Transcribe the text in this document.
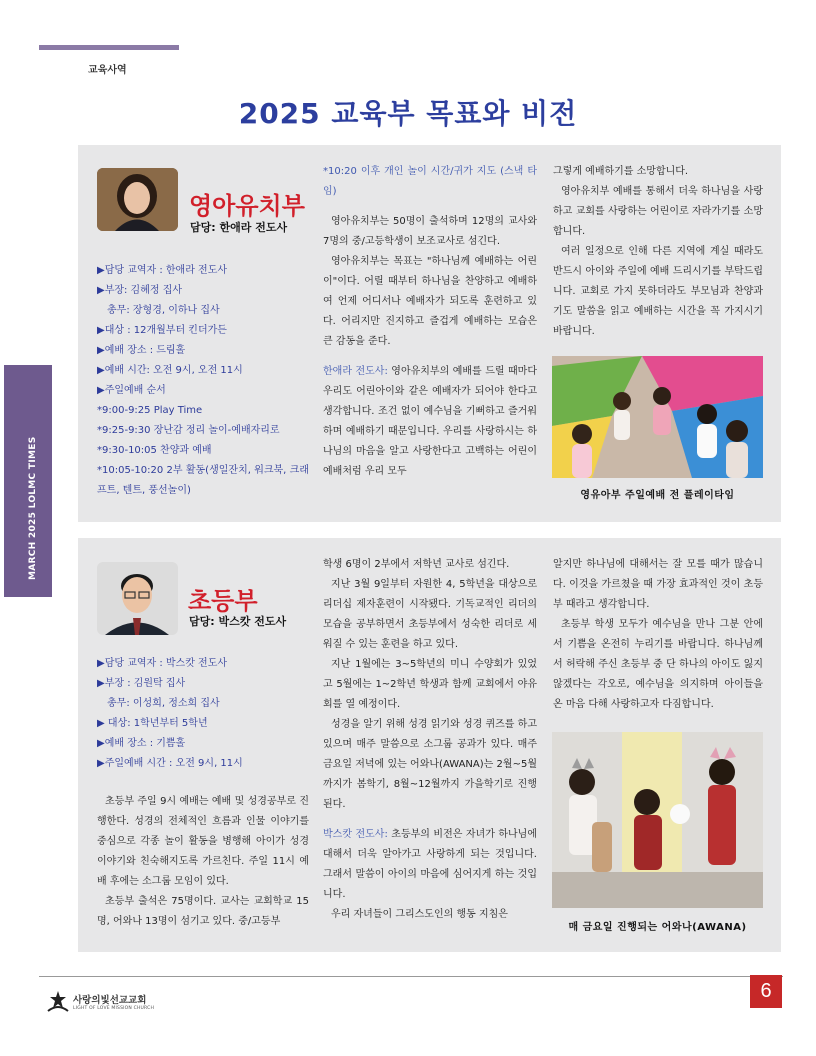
교육사역
2025 교육부 목표와 비전
MARCH 2025 LOLMC TIMES
영아유치부
담당: 한애라 전도사
▶담당 교역자 : 한애라 전도사
▶부장: 김혜정 집사
총무: 장형경, 이하나 집사
▶대상 : 12개월부터 킨더가든
▶예배 장소 : 드림홀
▶예배 시간: 오전 9시, 오전 11시
▶주일예배 순서
*9:00-9:25 Play Time
*9:25-9:30 장난감 정리 놀이-예배자리로
*9:30-10:05 찬양과 예배
*10:05-10:20 2부 활동(생일잔치, 워크북, 크래프트, 텐트, 풍선놀이)

*10:20 이후 개인 놀이 시간/귀가 지도 (스낵 타임)

영아유치부는 50명이 출석하며 12명의 교사와 7명의 중/고등학생이 보조교사로 섬긴다.

영아유치부는 목표는 "하나님께 예배하는 어린이"이다. 어릴 때부터 하나님을 찬양하고 예배하여 언제 어디서나 예배자가 되도록 훈련하고 있다. 어리지만 진지하고 즐겁게 예배하는 모습은 큰 감동을 준다.

한애라 전도사: 영아유치부의 예배를 드릴 때마다 우리도 어린아이와 같은 예배자가 되어야 한다고 생각합니다. 조건 없이 예수님을 기뻐하고 즐거워하며 예배하기 때문입니다. 우리를 사랑하시는 하나님의 마음을 알고 사랑한다고 고백하는 어린이 예배처럼 우리 모두

그렇게 예배하기를 소망합니다.

영아유치부 예배를 통해서 더욱 하나님을 사랑하고 교회를 사랑하는 어린이로 자라가기를 소망합니다.

여러 일정으로 인해 다른 지역에 계실 때라도 반드시 아이와 주일에 예배 드리시기를 부탁드립니다. 교회로 가지 못하더라도 부모님과 찬양과 기도 말씀을 읽고 예배하는 시간을 꼭 가지시기 바랍니다.

영유아부 주일예배 전 플레이타임
초등부
담당: 박스캇 전도사
▶담당 교역자 : 박스캇 전도사
▶부장 : 김원탁 집사
총무: 이성희, 정소희 집사
▶ 대상: 1학년부터 5학년
▶예배 장소 : 기쁨홀
▶주일예배 시간 : 오전 9시, 11시

초등부 주일 9시 예배는 예배 및 성경공부로 진행한다. 성경의 전체적인 흐름과 인물 이야기를 중심으로 각종 놀이 활동을 병행해 아이가 성경 이야기와 친숙해지도록 가르친다. 주일 11시 예배 후에는 소그룹 모임이 있다.

초등부 출석은 75명이다. 교사는 교회학교 15명, 어와나 13명이 섬기고 있다. 중/고등부

학생 6명이 2부에서 저학년 교사로 섬긴다.

지난 3월 9일부터 자원한 4, 5학년을 대상으로 리더십 제자훈련이 시작됐다. 기독교적인 리더의 모습을 공부하면서 초등부에서 성숙한 리더로 세워질 수 있는 훈련을 하고 있다.

지난 1월에는 3~5학년의 미니 수양회가 있었고 5월에는 1~2학년 학생과 함께 교회에서 야유회를 열 예정이다.

성경을 알기 위해 성경 읽기와 성경 퀴즈를 하고 있으며 매주 말씀으로 소그룹 공과가 있다. 매주 금요일 저녁에 있는 어와나(AWANA)는 2월~5월까지가 봄학기, 8월~12월까지 가을학기로 진행된다.

박스캇 전도사: 초등부의 비전은 자녀가 하나님에 대해서 더욱 알아가고 사랑하게 되는 것입니다. 그래서 말씀이 아이의 마음에 심어지게 하는 것입니다.

우리 자녀들이 그리스도인의 행동 지침은

알지만 하나님에 대해서는 잘 모를 때가 많습니다. 이것을 가르쳤을 때 가장 효과적인 것이 초등부 때라고 생각합니다.

초등부 학생 모두가 예수님을 만나 그분 안에서 기쁨을 온전히 누리기를 바랍니다. 하나님께서 허락해 주신 초등부 중 단 하나의 아이도 잃지 않겠다는 각오로, 예수님을 의지하며 아이들을 온 마음 다해 사랑하고자 다짐합니다.

매 금요일 진행되는 어와나(AWANA)
사랑의빛선교교회
LIGHT OF LOVE MISSION CHURCH
6
